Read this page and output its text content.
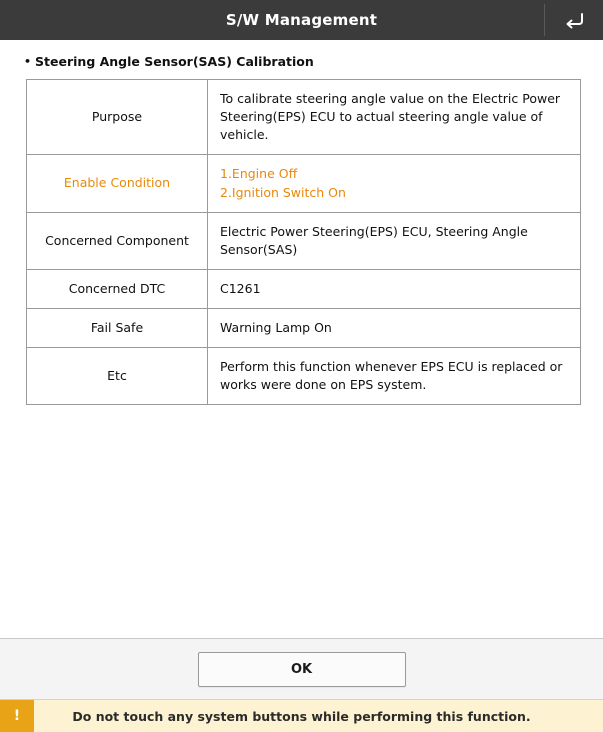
S/W Management
• Steering Angle Sensor(SAS) Calibration
Purpose	To calibrate steering angle value on the Electric Power
Steering(EPS) ECU to actual steering angle value of
vehicle.

Enable Condition	1.Engine Off
2.Ignition Switch On

Concerned Component	Electric Power Steering(EPS) ECU, Steering Angle
Sensor(SAS)

Concerned DTC	C1261

Fail Safe	Warning Lamp On

Etc	Perform this function whenever EPS ECU is replaced or
works were done on EPS system.
OK
!	Do not touch any system buttons while performing this function.
